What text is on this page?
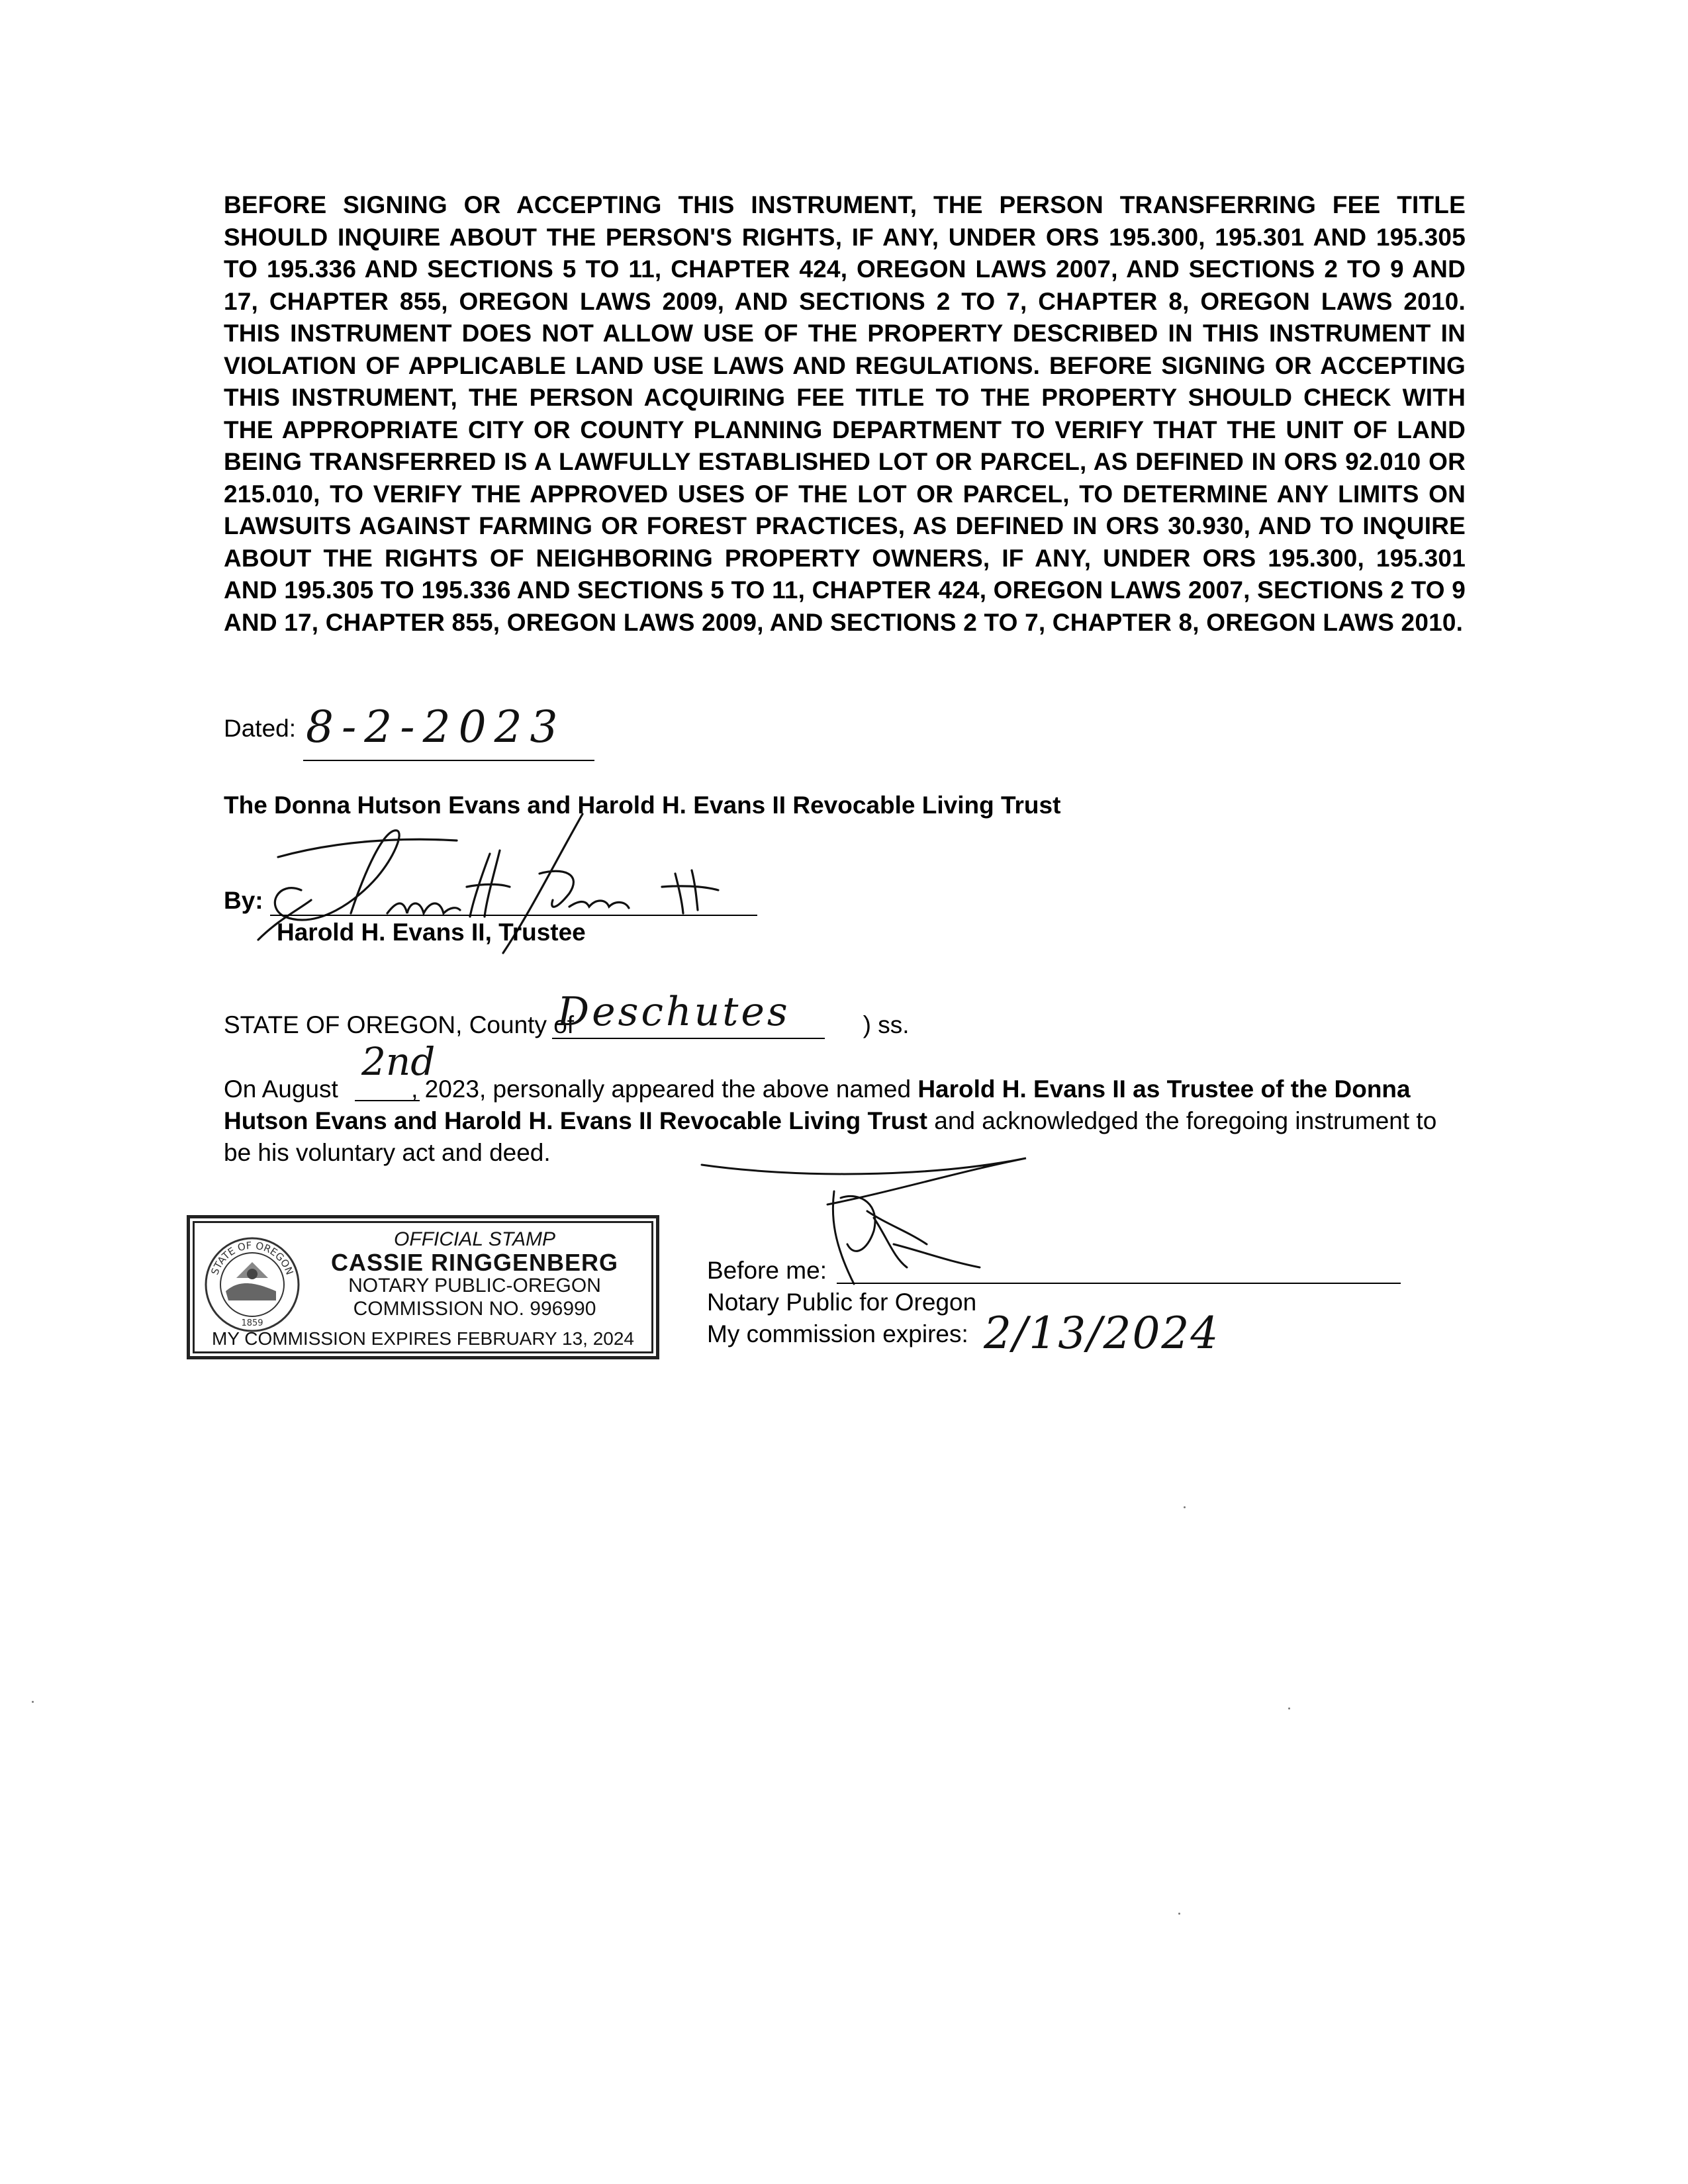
BEFORE SIGNING OR ACCEPTING THIS INSTRUMENT, THE PERSON TRANSFERRING FEE TITLE SHOULD INQUIRE ABOUT THE PERSON'S RIGHTS, IF ANY, UNDER ORS 195.300, 195.301 AND 195.305 TO 195.336 AND SECTIONS 5 TO 11, CHAPTER 424, OREGON LAWS 2007, AND SECTIONS 2 TO 9 AND 17, CHAPTER 855, OREGON LAWS 2009, AND SECTIONS 2 TO 7, CHAPTER 8, OREGON LAWS 2010. THIS INSTRUMENT DOES NOT ALLOW USE OF THE PROPERTY DESCRIBED IN THIS INSTRUMENT IN VIOLATION OF APPLICABLE LAND USE LAWS AND REGULATIONS. BEFORE SIGNING OR ACCEPTING THIS INSTRUMENT, THE PERSON ACQUIRING FEE TITLE TO THE PROPERTY SHOULD CHECK WITH THE APPROPRIATE CITY OR COUNTY PLANNING DEPARTMENT TO VERIFY THAT THE UNIT OF LAND BEING TRANSFERRED IS A LAWFULLY ESTABLISHED LOT OR PARCEL, AS DEFINED IN ORS 92.010 OR 215.010, TO VERIFY THE APPROVED USES OF THE LOT OR PARCEL, TO DETERMINE ANY LIMITS ON LAWSUITS AGAINST FARMING OR FOREST PRACTICES, AS DEFINED IN ORS 30.930, AND TO INQUIRE ABOUT THE RIGHTS OF NEIGHBORING PROPERTY OWNERS, IF ANY, UNDER ORS 195.300, 195.301 AND 195.305 TO 195.336 AND SECTIONS 5 TO 11, CHAPTER 424, OREGON LAWS 2007, SECTIONS 2 TO 9 AND 17, CHAPTER 855, OREGON LAWS 2009, AND SECTIONS 2 TO 7, CHAPTER 8, OREGON LAWS 2010.
Dated: 8-2-2023
The Donna Hutson Evans and Harold H. Evans II Revocable Living Trust
By:
Harold H. Evans II, Trustee
STATE OF OREGON, County of	) ss.
Deschutes
On August	, 2023, personally appeared the above named Harold H. Evans II as Trustee of the Donna Hutson Evans and Harold H. Evans II Revocable Living Trust and acknowledged the foregoing instrument to be his voluntary act and deed.
2nd
STATE OF OREGON
1859
OFFICIAL STAMP
CASSIE RINGGENBERG
NOTARY PUBLIC-OREGON
COMMISSION NO. 996990
MY COMMISSION EXPIRES FEBRUARY 13, 2024
Before me:
Notary Public for Oregon
My commission expires: 2/13/2024
